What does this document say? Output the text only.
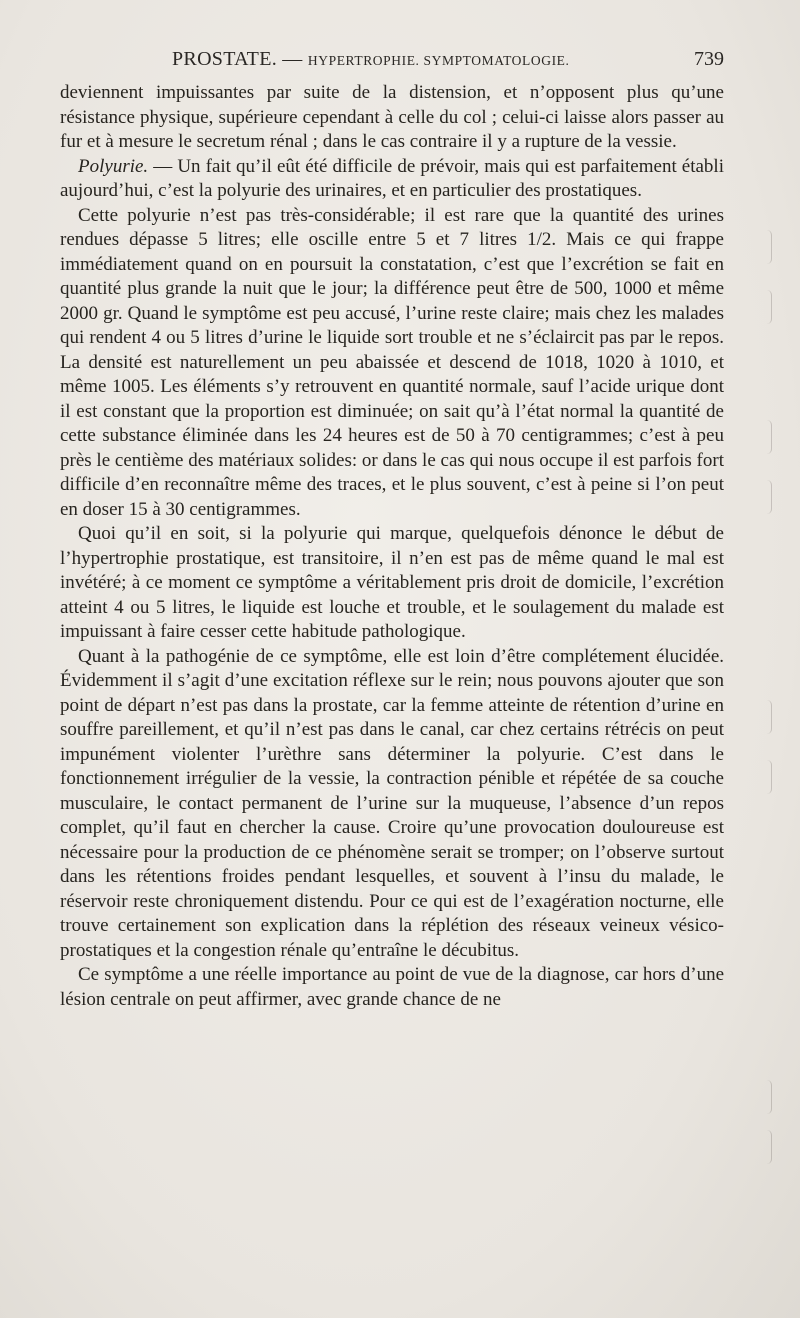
PROSTATE. — HYPERTROPHIE. SYMPTOMATOLOGIE.	739

deviennent impuissantes par suite de la distension, et n’opposent plus qu’une résistance physique, supérieure cependant à celle du col ; celui-ci laisse alors passer au fur et à mesure le secretum rénal ; dans le cas contraire il y a rupture de la vessie.

Polyurie. — Un fait qu’il eût été difficile de prévoir, mais qui est parfaitement établi aujourd’hui, c’est la polyurie des urinaires, et en particulier des prostatiques.

Cette polyurie n’est pas très-considérable; il est rare que la quantité des urines rendues dépasse 5 litres; elle oscille entre 5 et 7 litres 1/2. Mais ce qui frappe immédiatement quand on en poursuit la constatation, c’est que l’excrétion se fait en quantité plus grande la nuit que le jour; la différence peut être de 500, 1000 et même 2000 gr. Quand le symptôme est peu accusé, l’urine reste claire; mais chez les malades qui rendent 4 ou 5 litres d’urine le liquide sort trouble et ne s’éclaircit pas par le repos. La densité est naturellement un peu abaissée et descend de 1018, 1020 à 1010, et même 1005. Les éléments s’y retrouvent en quantité normale, sauf l’acide urique dont il est constant que la proportion est diminuée; on sait qu’à l’état normal la quantité de cette substance éliminée dans les 24 heures est de 50 à 70 centigrammes; c’est à peu près le centième des matériaux solides: or dans le cas qui nous occupe il est parfois fort difficile d’en reconnaître même des traces, et le plus souvent, c’est à peine si l’on peut en doser 15 à 30 centigrammes.

Quoi qu’il en soit, si la polyurie qui marque, quelquefois dénonce le début de l’hypertrophie prostatique, est transitoire, il n’en est pas de même quand le mal est invétéré; à ce moment ce symptôme a véritablement pris droit de domicile, l’excrétion atteint 4 ou 5 litres, le liquide est louche et trouble, et le soulagement du malade est impuissant à faire cesser cette habitude pathologique.

Quant à la pathogénie de ce symptôme, elle est loin d’être complétement élucidée. Évidemment il s’agit d’une excitation réflexe sur le rein; nous pouvons ajouter que son point de départ n’est pas dans la prostate, car la femme atteinte de rétention d’urine en souffre pareillement, et qu’il n’est pas dans le canal, car chez certains rétrécis on peut impunément violenter l’urèthre sans déterminer la polyurie. C’est dans le fonctionnement irrégulier de la vessie, la contraction pénible et répétée de sa couche musculaire, le contact permanent de l’urine sur la muqueuse, l’absence d’un repos complet, qu’il faut en chercher la cause. Croire qu’une provocation douloureuse est nécessaire pour la production de ce phénomène serait se tromper; on l’observe surtout dans les rétentions froides pendant lesquelles, et souvent à l’insu du malade, le réservoir reste chroniquement distendu. Pour ce qui est de l’exagération nocturne, elle trouve certainement son explication dans la réplétion des réseaux veineux vésico-prostatiques et la congestion rénale qu’entraîne le décubitus.

Ce symptôme a une réelle importance au point de vue de la diagnose, car hors d’une lésion centrale on peut affirmer, avec grande chance de ne
